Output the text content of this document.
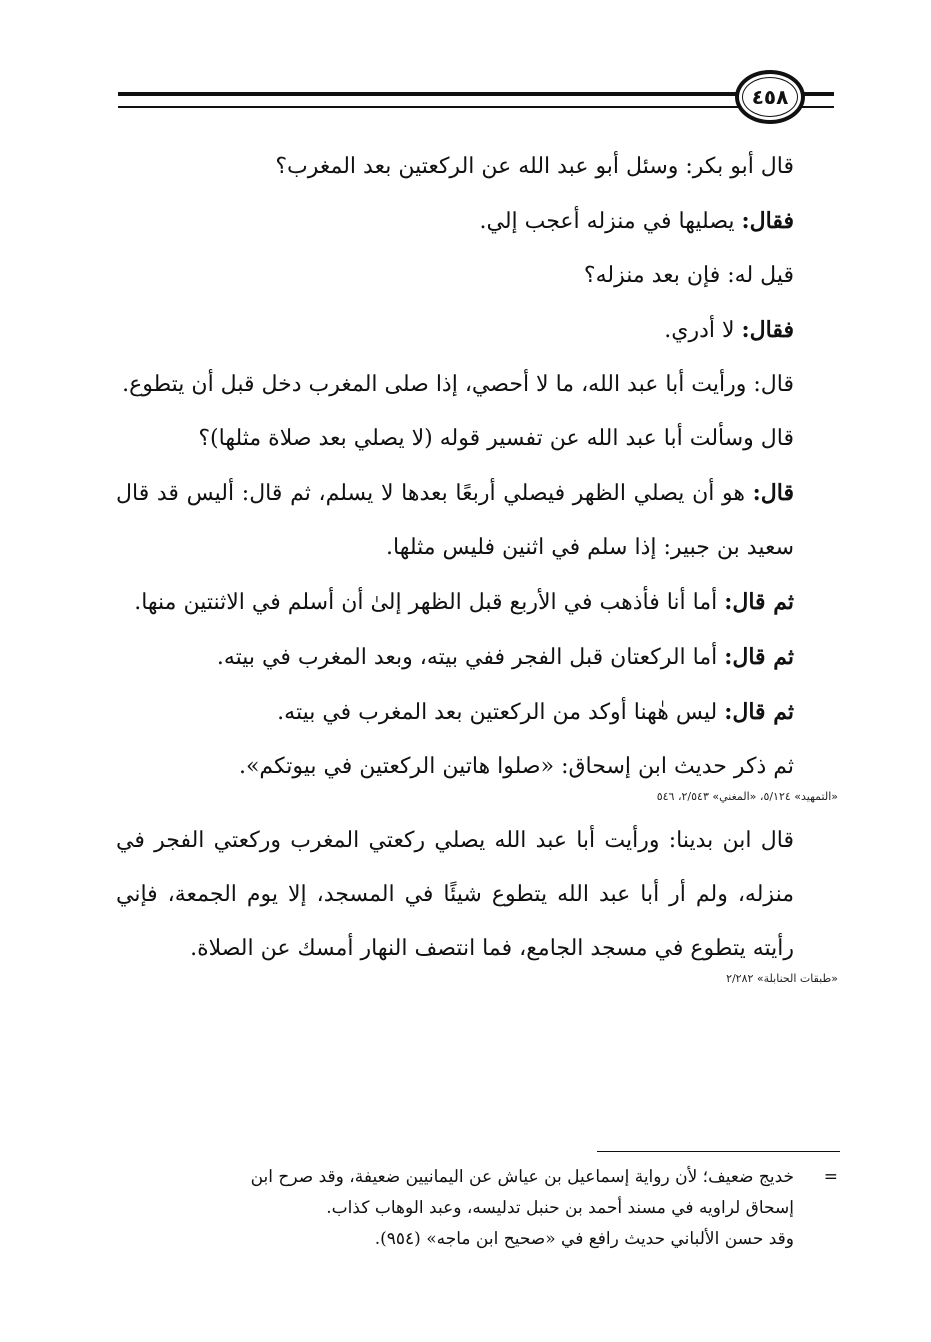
٤٥٨

قال أبو بكر: وسئل أبو عبد الله عن الركعتين بعد المغرب؟

فقال: يصليها في منزله أعجب إلي.

قيل له: فإن بعد منزله؟

فقال: لا أدري.

قال: ورأيت أبا عبد الله، ما لا أحصي، إذا صلى المغرب دخل قبل أن يتطوع.

قال وسألت أبا عبد الله عن تفسير قوله (لا يصلي بعد صلاة مثلها)؟

قال: هو أن يصلي الظهر فيصلي أربعًا بعدها لا يسلم، ثم قال: أليس قد قال سعيد بن جبير: إذا سلم في اثنين فليس مثلها.

ثم قال: أما أنا فأذهب في الأربع قبل الظهر إلىٰ أن أسلم في الاثنتين منها.

ثم قال: أما الركعتان قبل الفجر ففي بيته، وبعد المغرب في بيته.

ثم قال: ليس هٰهنا أوكد من الركعتين بعد المغرب في بيته.

ثم ذكر حديث ابن إسحاق: «صلوا هاتين الركعتين في بيوتكم».

«التمهيد» ٥/١٢٤، «المغني» ٢/٥٤٣، ٥٤٦

قال ابن بدينا: ورأيت أبا عبد الله يصلي ركعتي المغرب وركعتي الفجر في منزله، ولم أر أبا عبد الله يتطوع شيئًا في المسجد، إلا يوم الجمعة، فإني رأيته يتطوع في مسجد الجامع، فما انتصف النهار أمسك عن الصلاة.

«طبقات الحنابلة» ٢/٢٨٢

=خديج ضعيف؛ لأن رواية إسماعيل بن عياش عن اليمانيين ضعيفة، وقد صرح ابن

إسحاق لراويه في مسند أحمد بن حنبل تدليسه، وعبد الوهاب كذاب.

وقد حسن الألباني حديث رافع في «صحيح ابن ماجه» (٩٥٤).
